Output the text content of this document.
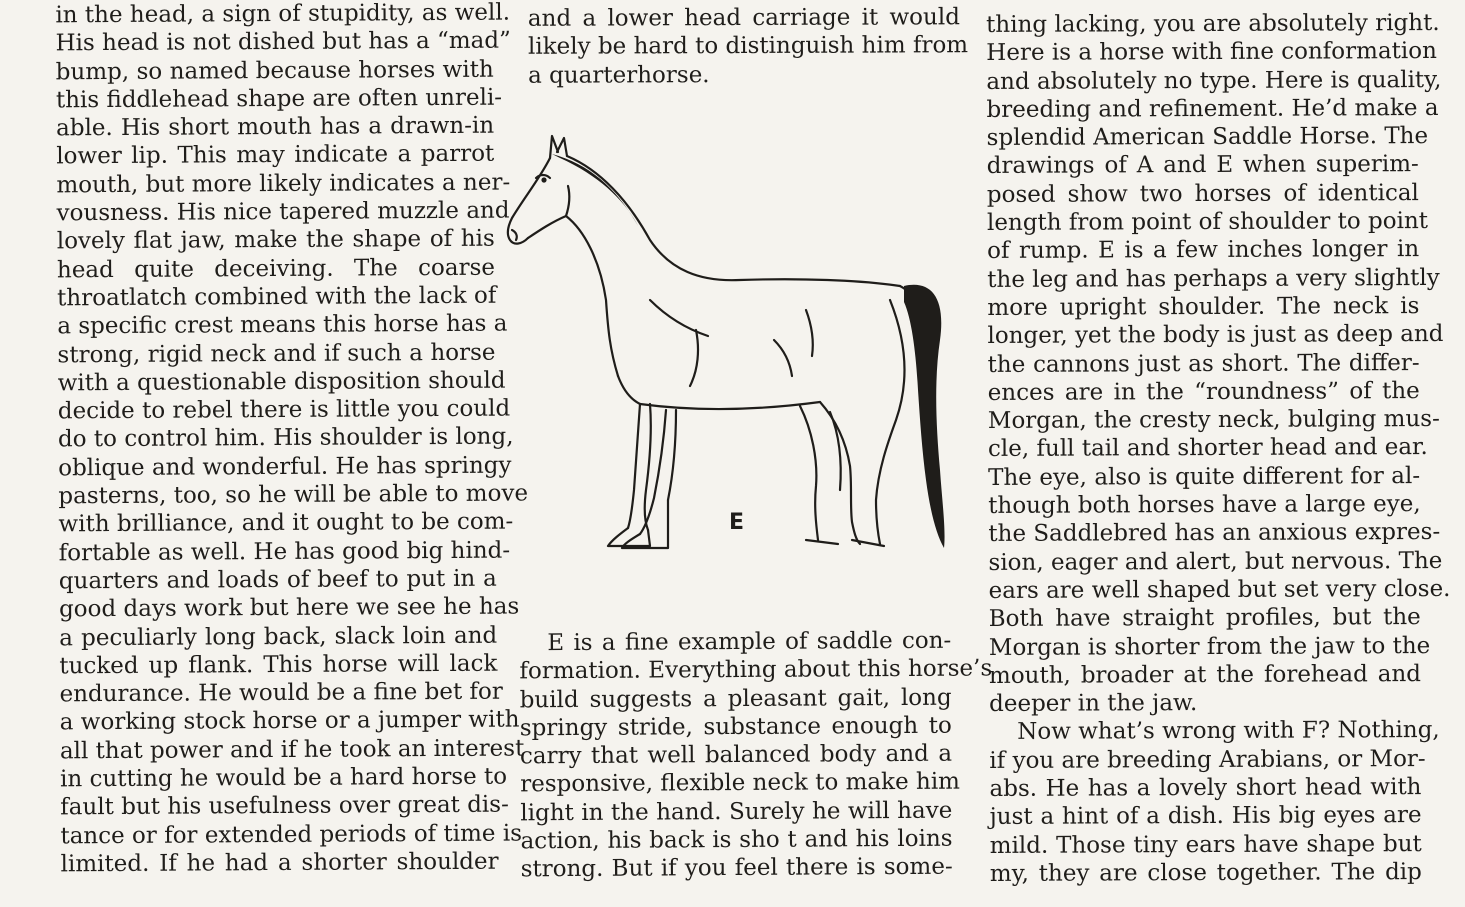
in the head, a sign of stupidity, as well.
His head is not dished but has a “mad”
bump, so named because horses with
this fiddlehead shape are often unreli-
able. His short mouth has a drawn-in
lower lip. This may indicate a parrot
mouth, but more likely indicates a ner-
vousness. His nice tapered muzzle and
lovely flat jaw, make the shape of his
head quite deceiving. The coarse
throatlatch combined with the lack of
a specific crest means this horse has a
strong, rigid neck and if such a horse
with a questionable disposition should
decide to rebel there is little you could
do to control him. His shoulder is long,
oblique and wonderful. He has springy
pasterns, too, so he will be able to move
with brilliance, and it ought to be com-
fortable as well. He has good big hind-
quarters and loads of beef to put in a
good days work but here we see he has
a peculiarly long back, slack loin and
tucked up flank. This horse will lack
endurance. He would be a fine bet for
a working stock horse or a jumper with
all that power and if he took an interest
in cutting he would be a hard horse to
fault but his usefulness over great dis-
tance or for extended periods of time is
limited. If he had a shorter shoulder

and a lower head carriage it would
likely be hard to distinguish him from
a quarterhorse.

E

E is a fine example of saddle con-
formation. Everything about this horse’s
build suggests a pleasant gait, long
springy stride, substance enough to
carry that well balanced body and a
responsive, flexible neck to make him
light in the hand. Surely he will have
action, his back is sho t and his loins
strong. But if you feel there is some-

thing lacking, you are absolutely right.
Here is a horse with fine conformation
and absolutely no type. Here is quality,
breeding and refinement. He’d make a
splendid American Saddle Horse. The
drawings of A and E when superim-
posed show two horses of identical
length from point of shoulder to point
of rump. E is a few inches longer in
the leg and has perhaps a very slightly
more upright shoulder. The neck is
longer, yet the body is just as deep and
the cannons just as short. The differ-
ences are in the “roundness” of the
Morgan, the cresty neck, bulging mus-
cle, full tail and shorter head and ear.
The eye, also is quite different for al-
though both horses have a large eye,
the Saddlebred has an anxious expres-
sion, eager and alert, but nervous. The
ears are well shaped but set very close.
Both have straight profiles, but the
Morgan is shorter from the jaw to the
mouth, broader at the forehead and
deeper in the jaw.

Now what’s wrong with F? Nothing,
if you are breeding Arabians, or Mor-
abs. He has a lovely short head with
just a hint of a dish. His big eyes are
mild. Those tiny ears have shape but
my, they are close together. The dip
